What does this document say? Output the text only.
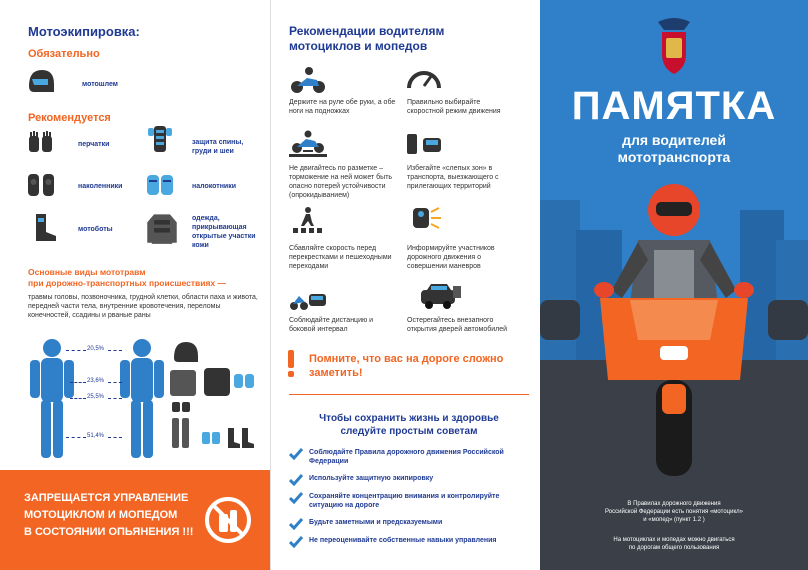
Мотоэкипировка:
Обязательно
мотошлем
Рекомендуется
перчатки	защита спины, груди и шеи
наколенники	налокотники
мотоботы
одежда, прикрывающая открытые участки кожи
Основные виды мототравм
при дорожно-транспортных происшествиях —
травмы головы, позвоночника, грудной клетки, области паха и живота, передней части тела, внутренние кровотечения, переломы конечностей, ссадины и рваные раны
20,5%
23,6%
25,5%
51,4%
ЗАПРЕЩАЕТСЯ УПРАВЛЕНИЕ
МОТОЦИКЛОМ И МОПЕДОМ
В СОСТОЯНИИ ОПЬЯНЕНИЯ !!!
Рекомендации водителям
мотоциклов и мопедов
Держите на руле обе руки, а обе ноги на подножках
Правильно выбирайте скоростной режим движения
Не двигайтесь по разметке – торможение на ней может быть опасно потерей устойчивости (опрокидыванием)
Избегайте «слепых зон» в транспорта, выезжающего с прилегающих территорий
Сбавляйте скорость перед перекрестками и пешеходными переходами
Информируйте участников дорожного движения о совершении маневров
Соблюдайте дистанцию и боковой интервал
Остерегайтесь внезапного открытия дверей автомобилей
Помните, что вас на дороге сложно заметить!
Чтобы сохранить жизнь и здоровье
следуйте простым советам
Соблюдайте Правила дорожного движения Российской Федерации
Используйте защитную экипировку
Сохраняйте концентрацию внимания и контролируйте ситуацию на дороге
Будьте заметными и предсказуемыми
Не переоценивайте собственные навыки управления
ПАМЯТКА
для водителей
мототранспорта
В Правилах дорожного движения
Российской Федерации есть понятия «мотоцикл»
и «мопед» (пункт 1.2 )
На мотоциклах и мопедах можно двигаться
по дорогам общего пользования
